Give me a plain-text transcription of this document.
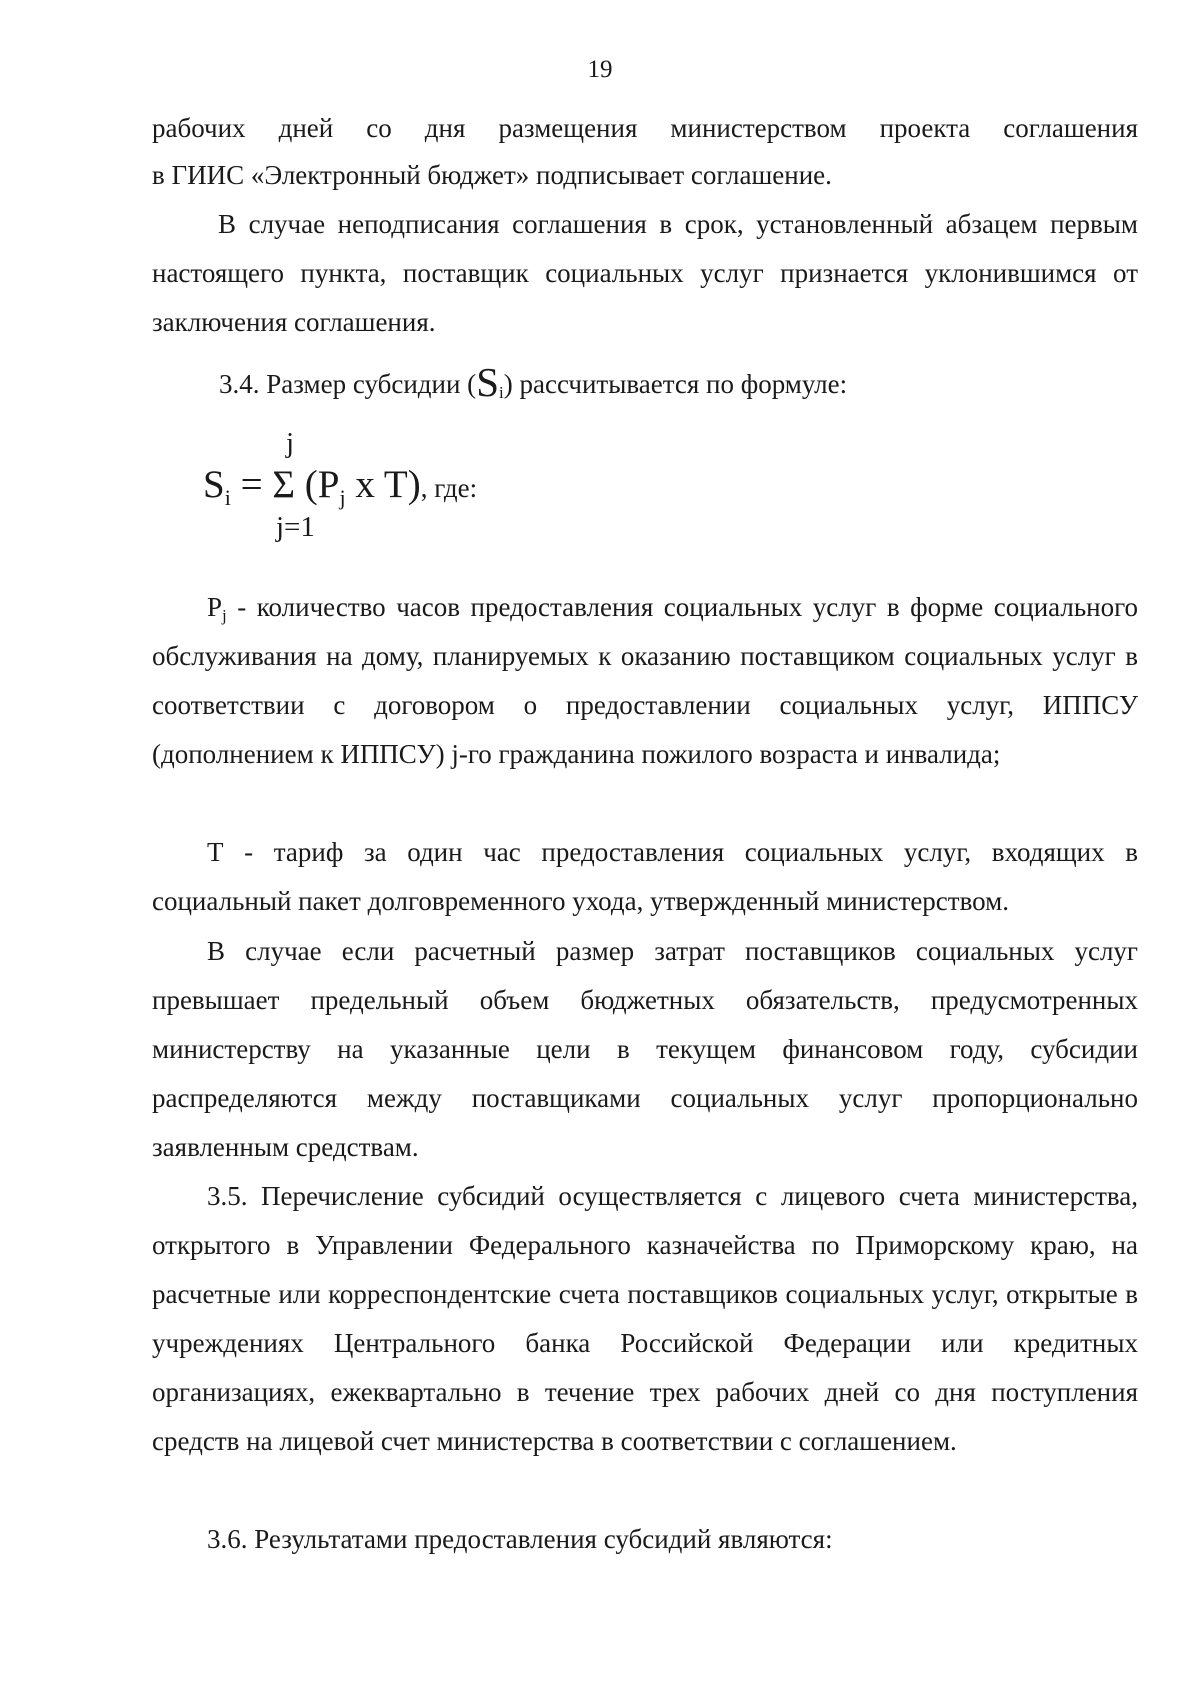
19
рабочих дней со дня размещения министерством проекта соглашения
в ГИИС «Электронный бюджет» подписывает соглашение.

В случае неподписания соглашения в срок, установленный абзацем первым настоящего пункта, поставщик социальных услуг признается уклонившимся от заключения соглашения.

3.4. Размер субсидии $(S_i)$ рассчитывается по формуле:
j
$S_i = \Sigma$ ($P_j$ x T), где:
j=1

$P_j$ - количество часов предоставления социальных услуг в форме социального обслуживания на дому, планируемых к оказанию поставщиком социальных услуг в соответствии с договором о предоставлении социальных услуг, ИППСУ (дополнением к ИППСУ) j-го гражданина пожилого возраста и инвалида;

Т - тариф за один час предоставления социальных услуг, входящих в социальный пакет долговременного ухода, утвержденный министерством.

В случае если расчетный размер затрат поставщиков социальных услуг превышает предельный объем бюджетных обязательств, предусмотренных министерству на указанные цели в текущем финансовом году, субсидии распределяются между поставщиками социальных услуг пропорционально заявленным средствам.

3.5. Перечисление субсидий осуществляется с лицевого счета министерства, открытого в Управлении Федерального казначейства по Приморскому краю, на расчетные или корреспондентские счета поставщиков социальных услуг, открытые в учреждениях Центрального банка Российской Федерации или кредитных организациях, ежеквартально в течение трех рабочих дней со дня поступления средств на лицевой счет министерства в соответствии с соглашением.

3.6. Результатами предоставления субсидий являются:
